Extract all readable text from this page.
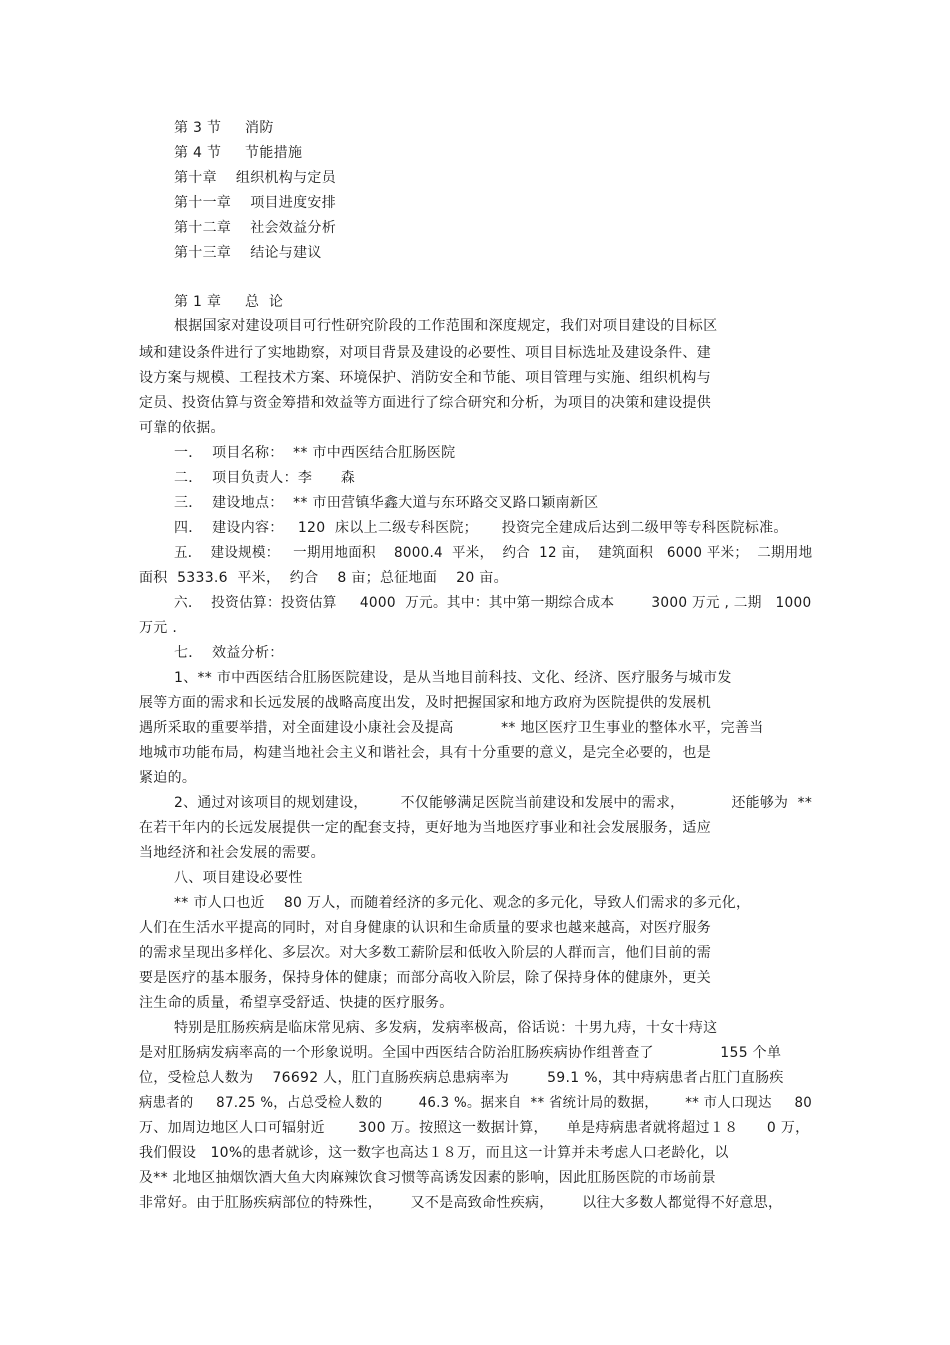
第 3 节     消防
第 4 节     节能措施
第十章    组织机构与定员
第十一章    项目进度安排
第十二章    社会效益分析
第十三章    结论与建议
第 1 章     总  论
根据国家对建设项目可行性研究阶段的工作范围和深度规定，我们对项目建设的目标区
域和建设条件进行了实地勘察，对项目背景及建设的必要性、项目目标选址及建设条件、建
设方案与规模、工程技术方案、环境保护、消防安全和节能、项目管理与实施、组织机构与
定员、投资估算与资金筹措和效益等方面进行了综合研究和分析，为项目的决策和建设提供
可靠的依据。
一．  项目名称：  ** 市中西医结合肛肠医院
二．  项目负责人：李      森
三．  建设地点：  ** 市田营镇华鑫大道与东环路交叉路口颖南新区
四．  建设内容：   120  床以上二级专科医院；     投资完全建成后达到二级甲等专科医院标准。
五．  建设规模：   一期用地面积    8000.4  平米，  约合  12 亩，  建筑面积   6000 平米；  二期用地
面积  5333.6  平米，  约合    8 亩；总征地面    20 亩。
六．  投资估算：投资估算     4000  万元。其中：其中第一期综合成本        3000 万元 , 二期   1000
万元 .
七．  效益分析：
1、** 市中西医结合肛肠医院建设，是从当地目前科技、文化、经济、医疗服务与城市发
展等方面的需求和长远发展的战略高度出发，及时把握国家和地方政府为医院提供的发展机
遇所采取的重要举措，对全面建设小康社会及提高          ** 地区医疗卫生事业的整体水平，完善当
地城市功能布局，构建当地社会主义和谐社会，具有十分重要的意义，是完全必要的，也是
紧迫的。
2、通过对该项目的规划建设，       不仅能够满足医院当前建设和发展中的需求，          还能够为  **
在若干年内的长远发展提供一定的配套支持，更好地为当地医疗事业和社会发展服务，适应
当地经济和社会发展的需要。
八、项目建设必要性
** 市人口也近    80 万人，而随着经济的多元化、观念的多元化，导致人们需求的多元化，
人们在生活水平提高的同时，对自身健康的认识和生命质量的要求也越来越高，对医疗服务
的需求呈现出多样化、多层次。对大多数工薪阶层和低收入阶层的人群而言，他们目前的需
要是医疗的基本服务，保持身体的健康；而部分高收入阶层，除了保持身体的健康外，更关
注生命的质量，希望享受舒适、快捷的医疗服务。
特别是肛肠疾病是临床常见病、多发病，发病率极高，俗话说：十男九痔，十女十痔这
是对肛肠病发病率高的一个形象说明。全国中西医结合防治肛肠疾病协作组普查了              155 个单
位，受检总人数为    76692 人，肛门直肠疾病总患病率为        59.1 %，其中痔病患者占肛门直肠疾
病患者的     87.25 %，占总受检人数的        46.3 %。据来自  ** 省统计局的数据，      ** 市人口现达     80
万、加周边地区人口可辐射近       300 万。按照这一数据计算，    单是痔病患者就将超过１８      0 万，
我们假设   10%的患者就诊，这一数字也高达１８万，而且这一计算并未考虑人口老龄化，以
及** 北地区抽烟饮酒大鱼大肉麻辣饮食习惯等高诱发因素的影响，因此肛肠医院的市场前景
非常好。由于肛肠疾病部位的特殊性，      又不是高致命性疾病，      以往大多数人都觉得不好意思，
